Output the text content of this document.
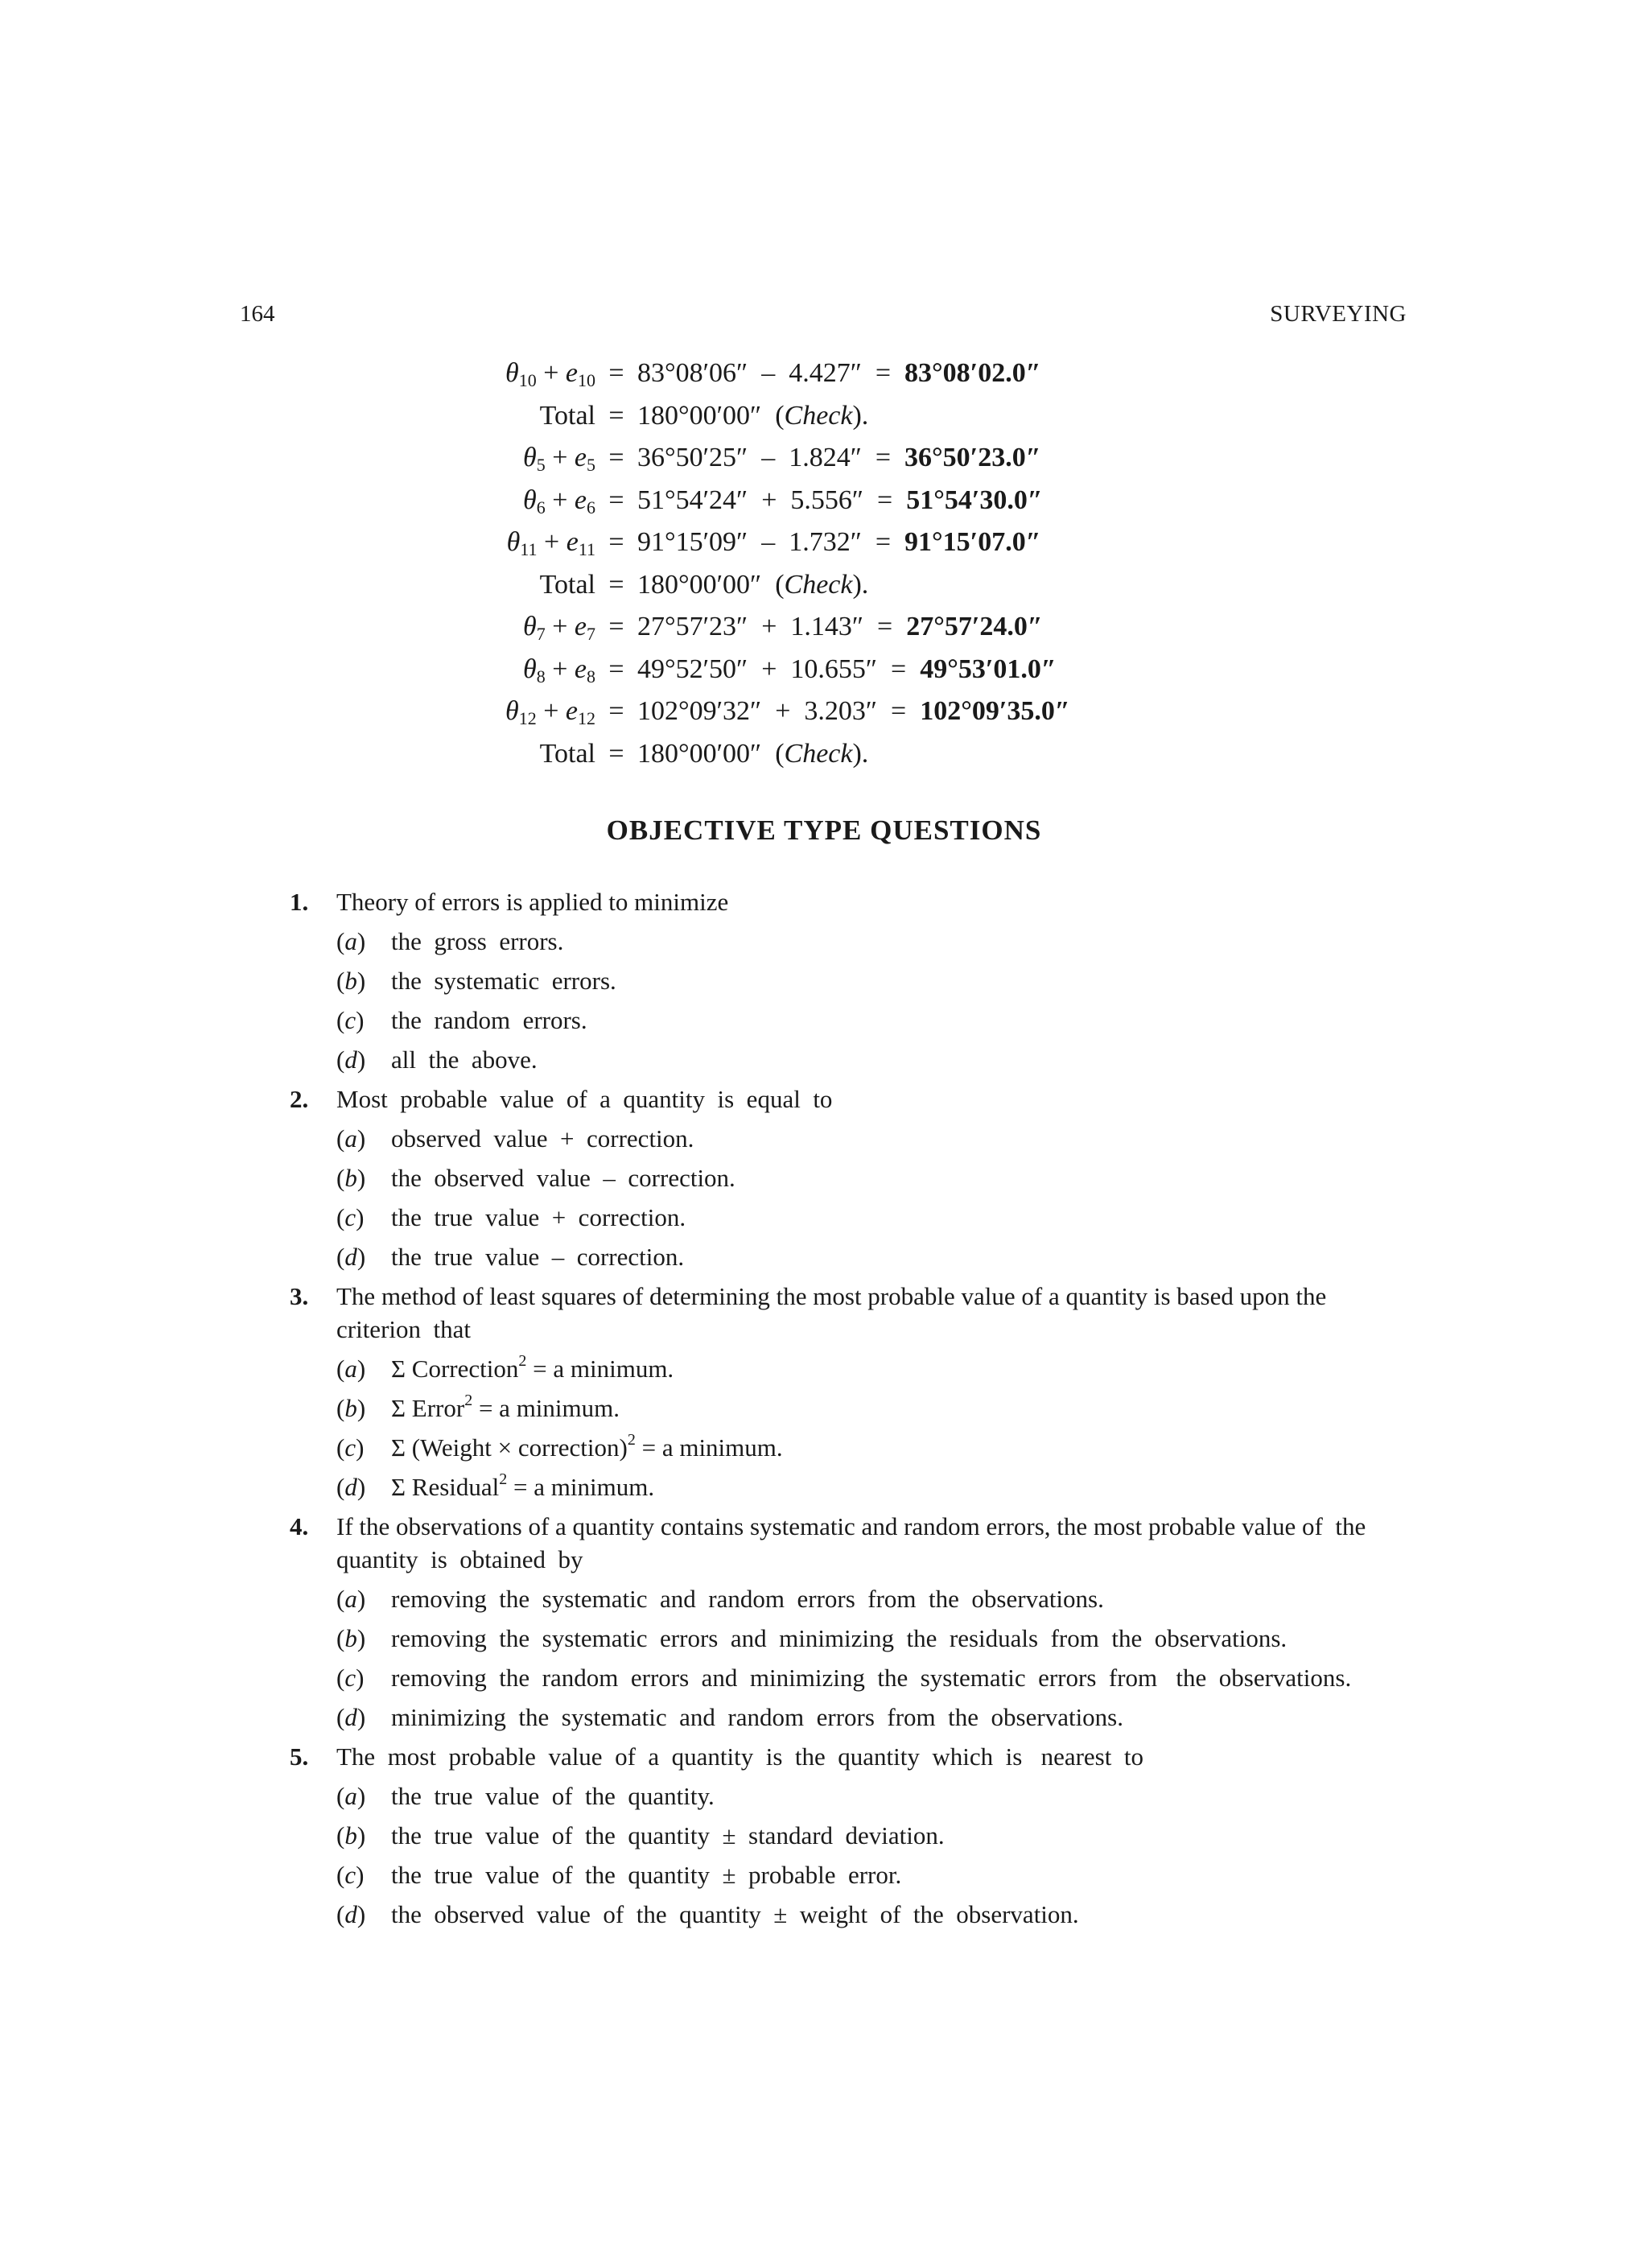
164	SURVEYING
$\theta_{10} + e_{10}$	=	83°08′06″  –  4.427″  =  83°08′02.0″
Total	=	180°00′00″  (Check).
$\theta_5 + e_5$	=	36°50′25″  –  1.824″  =  36°50′23.0″
$\theta_6 + e_6$	=	51°54′24″  +  5.556″  =  51°54′30.0″
$\theta_{11} + e_{11}$	=	91°15′09″  –  1.732″  =  91°15′07.0″
Total	=	180°00′00″  (Check).
$\theta_7 + e_7$	=	27°57′23″  +  1.143″  =  27°57′24.0″
$\theta_8 + e_8$	=	49°52′50″  +  10.655″  =  49°53′01.0″
$\theta_{12} + e_{12}$	=	102°09′32″  +  3.203″  =  102°09′35.0″
Total	=	180°00′00″  (Check).
OBJECTIVE TYPE QUESTIONS
1. Theory of errors is applied to minimize
(a) the  gross  errors.
(b) the  systematic  errors.
(c) the  random  errors.
(d) all  the  above.
2. Most  probable  value  of  a  quantity  is  equal  to
(a) observed  value  +  correction.
(b) the  observed  value  –  correction.
(c) the  true  value  +  correction.
(d) the  true  value  –  correction.
3. The method of least squares of determining the most probable value of a quantity is based upon the  criterion  that
(a) Σ Correction$^2$ = a minimum.
(b) Σ Error$^2$ = a minimum.
(c) Σ (Weight × correction)$^2$ = a minimum.
(d) Σ Residual$^2$ = a minimum.
4. If the observations of a quantity contains systematic and random errors, the most probable value of  the  quantity  is  obtained  by
(a) removing  the  systematic  and  random  errors  from  the  observations.
(b) removing  the  systematic  errors  and  minimizing  the  residuals  from  the  observations.
(c) removing  the  random  errors  and  minimizing  the  systematic  errors  from   the  observations.
(d) minimizing  the  systematic  and  random  errors  from  the  observations.
5. The  most  probable  value  of  a  quantity  is  the  quantity  which  is   nearest  to
(a) the  true  value  of  the  quantity.
(b) the  true  value  of  the  quantity  ±  standard  deviation.
(c) the  true  value  of  the  quantity  ±  probable  error.
(d) the  observed  value  of  the  quantity  ±  weight  of  the  observation.
